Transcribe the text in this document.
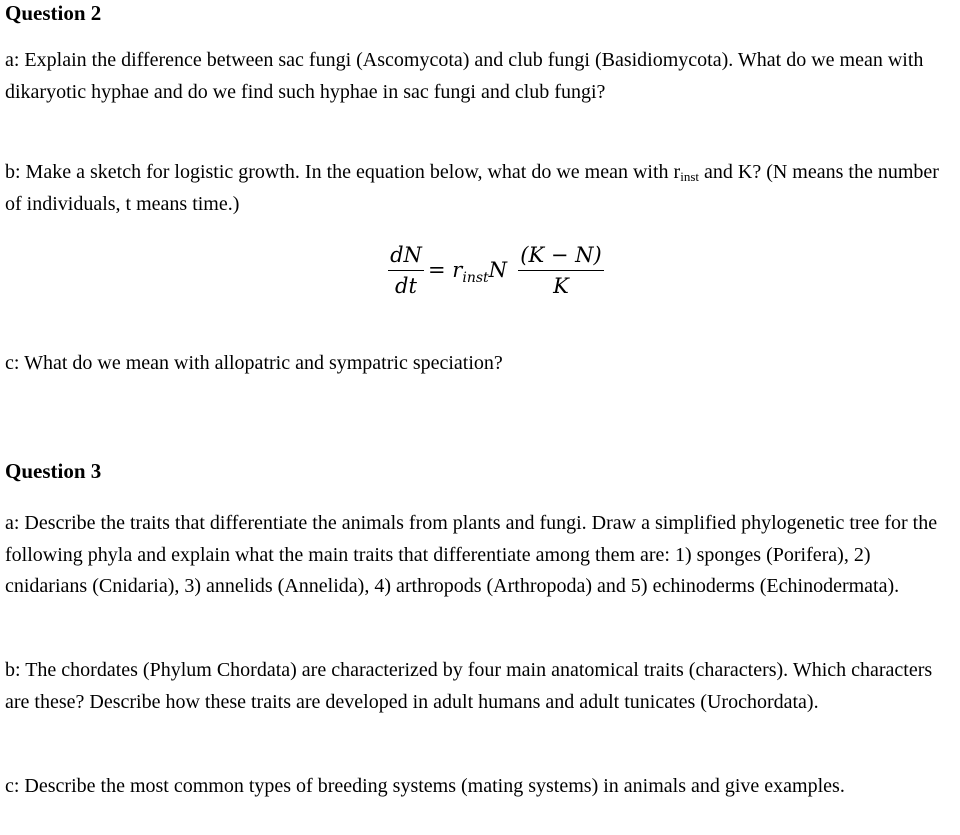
Question 2

a: Explain the difference between sac fungi (Ascomycota) and club fungi (Basidiomycota). What do we mean with dikaryotic hyphae and do we find such hyphae in sac fungi and club fungi?

b: Make a sketch for logistic growth. In the equation below, what do we mean with $r_{inst}$ and K? (N means the number of individuals, t means time.)

dN
dt
= $r_{inst}N$
(K − N)
K

c: What do we mean with allopatric and sympatric speciation?

Question 3

a: Describe the traits that differentiate the animals from plants and fungi. Draw a simplified phylogenetic tree for the following phyla and explain what the main traits that differentiate among them are: 1) sponges (Porifera), 2) cnidarians (Cnidaria), 3) annelids (Annelida), 4) arthropods (Arthropoda) and 5) echinoderms (Echinodermata).

b: The chordates (Phylum Chordata) are characterized by four main anatomical traits (characters). Which characters are these? Describe how these traits are developed in adult humans and adult tunicates (Urochordata).

c: Describe the most common types of breeding systems (mating systems) in animals and give examples.
